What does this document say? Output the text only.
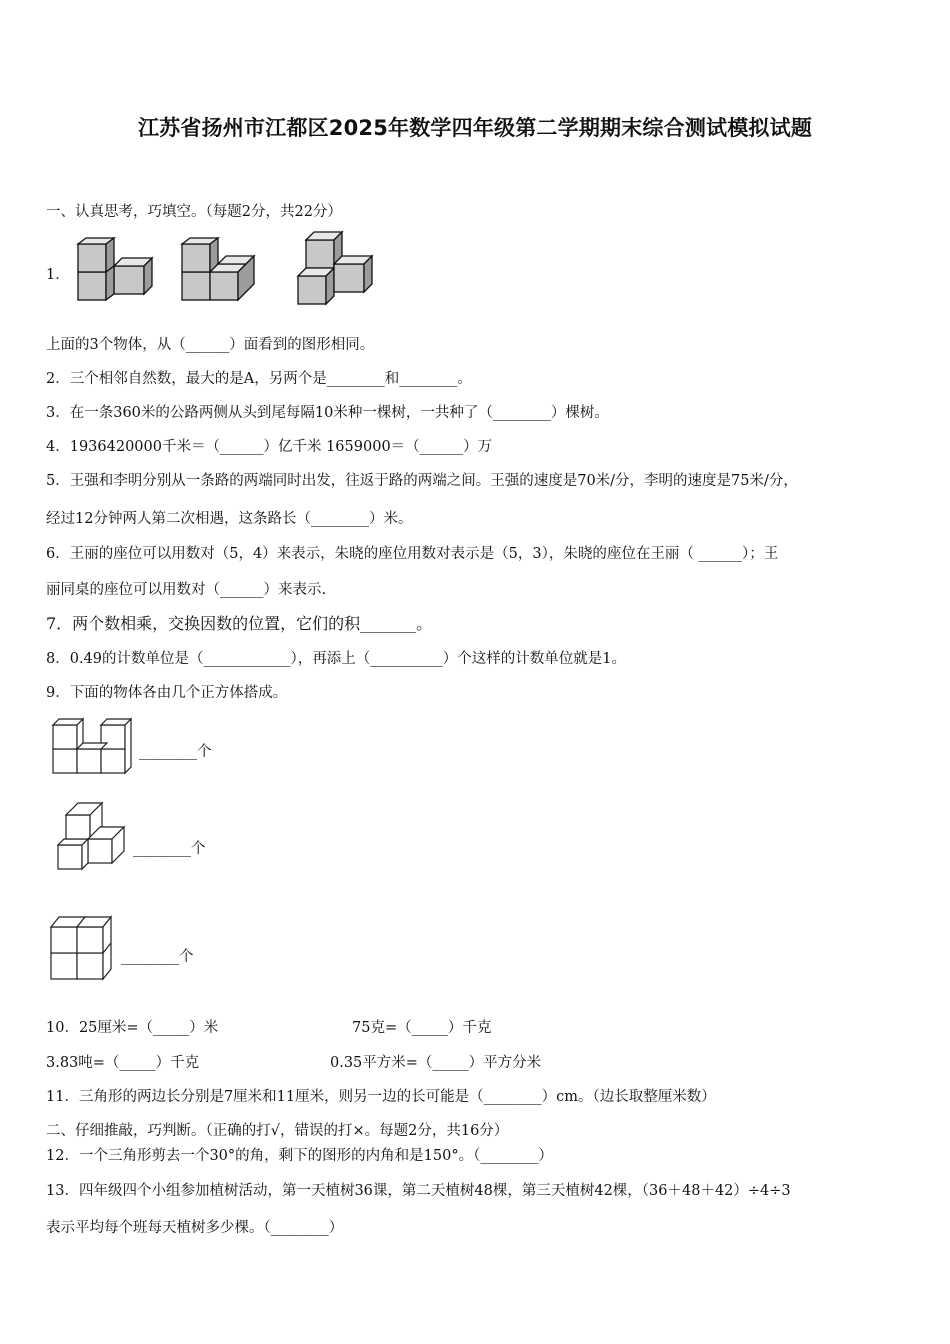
江苏省扬州市江都区2025年数学四年级第二学期期末综合测试模拟试题
一、认真思考，巧填空。（每题2分，共22分）
1．
上面的3个物体，从（______）面看到的图形相同。
2．三个相邻自然数，最大的是A，另两个是________和________。
3．在一条360米的公路两侧从头到尾每隔10米种一棵树，一共种了（________）棵树。
4．1936420000千米＝（______）亿千米 1659000＝（______）万
5．王强和李明分别从一条路的两端同时出发，往返于路的两端之间。王强的速度是70米/分，李明的速度是75米/分，
经过12分钟两人第二次相遇，这条路长（________）米。
6．王丽的座位可以用数对（5，4）来表示，朱晓的座位用数对表示是（5，3），朱晓的座位在王丽（ ______）；王
丽同桌的座位可以用数对（______）来表示.
7．两个数相乘，交换因数的位置，它们的积_______。
8．0.49的计数单位是（____________），再添上（__________）个这样的计数单位就是1。
9．下面的物体各由几个正方体搭成。
________个
________个
________个
10．25厘米=（_____）米	75克=（_____）千克
3.83吨=（_____）千克	0.35平方米=（_____）平方分米
11．三角形的两边长分别是7厘米和11厘米，则另一边的长可能是（________）cm。（边长取整厘米数）
二、仔细推敲，巧判断。（正确的打√，错误的打×。每题2分，共16分）
12．一个三角形剪去一个30°的角，剩下的图形的内角和是150°。（________）
13．四年级四个小组参加植树活动，第一天植树36课，第二天植树48棵，第三天植树42棵，（36＋48＋42）÷4÷3
表示平均每个班每天植树多少棵。（________）
